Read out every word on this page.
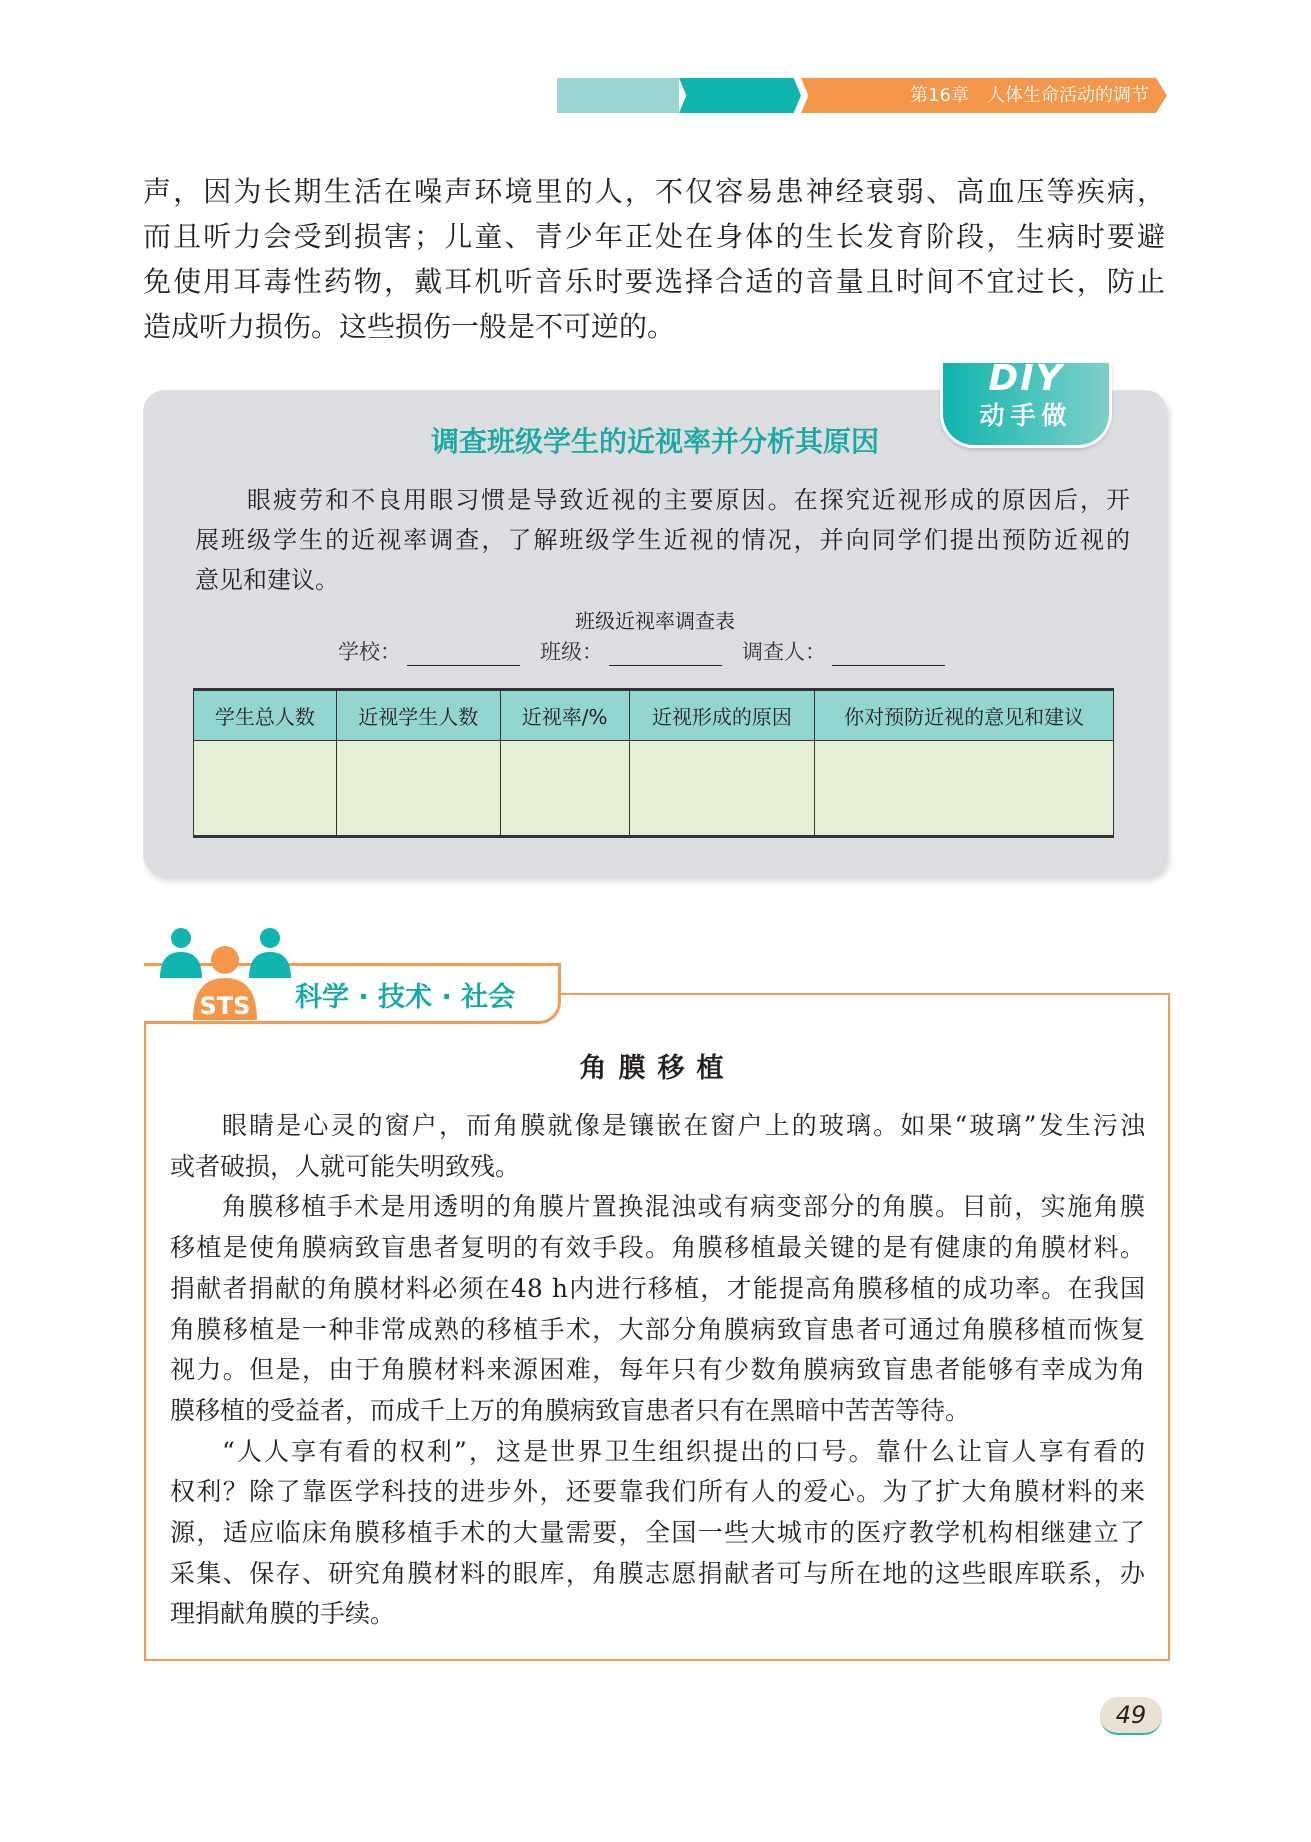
第16章　人体生命活动的调节
声，因为长期生活在噪声环境里的人，不仅容易患神经衰弱、高血压等疾病，
而且听力会受到损害；儿童、青少年正处在身体的生长发育阶段，生病时要避
免使用耳毒性药物，戴耳机听音乐时要选择合适的音量且时间不宜过长，防止
造成听力损伤。这些损伤一般是不可逆的。
DIY
动手做
调查班级学生的近视率并分析其原因
眼疲劳和不良用眼习惯是导致近视的主要原因。在探究近视形成的原因后，开
展班级学生的近视率调查，了解班级学生近视的情况，并向同学们提出预防近视的
意见和建议。
班级近视率调查表
学校：	班级：	调查人：
学生总人数	近视学生人数	近视率/%	近视形成的原因	你对预防近视的意见和建议

STS 科学 · 技术 · 社会
角膜移植
眼睛是心灵的窗户，而角膜就像是镶嵌在窗户上的玻璃。如果“玻璃”发生污浊
或者破损，人就可能失明致残。
角膜移植手术是用透明的角膜片置换混浊或有病变部分的角膜。目前，实施角膜
移植是使角膜病致盲患者复明的有效手段。角膜移植最关键的是有健康的角膜材料。
捐献者捐献的角膜材料必须在48 h内进行移植，才能提高角膜移植的成功率。在我国
角膜移植是一种非常成熟的移植手术，大部分角膜病致盲患者可通过角膜移植而恢复
视力。但是，由于角膜材料来源困难，每年只有少数角膜病致盲患者能够有幸成为角
膜移植的受益者，而成千上万的角膜病致盲患者只有在黑暗中苦苦等待。
“人人享有看的权利”，这是世界卫生组织提出的口号。靠什么让盲人享有看的
权利？除了靠医学科技的进步外，还要靠我们所有人的爱心。为了扩大角膜材料的来
源，适应临床角膜移植手术的大量需要，全国一些大城市的医疗教学机构相继建立了
采集、保存、研究角膜材料的眼库，角膜志愿捐献者可与所在地的这些眼库联系，办
理捐献角膜的手续。
49
